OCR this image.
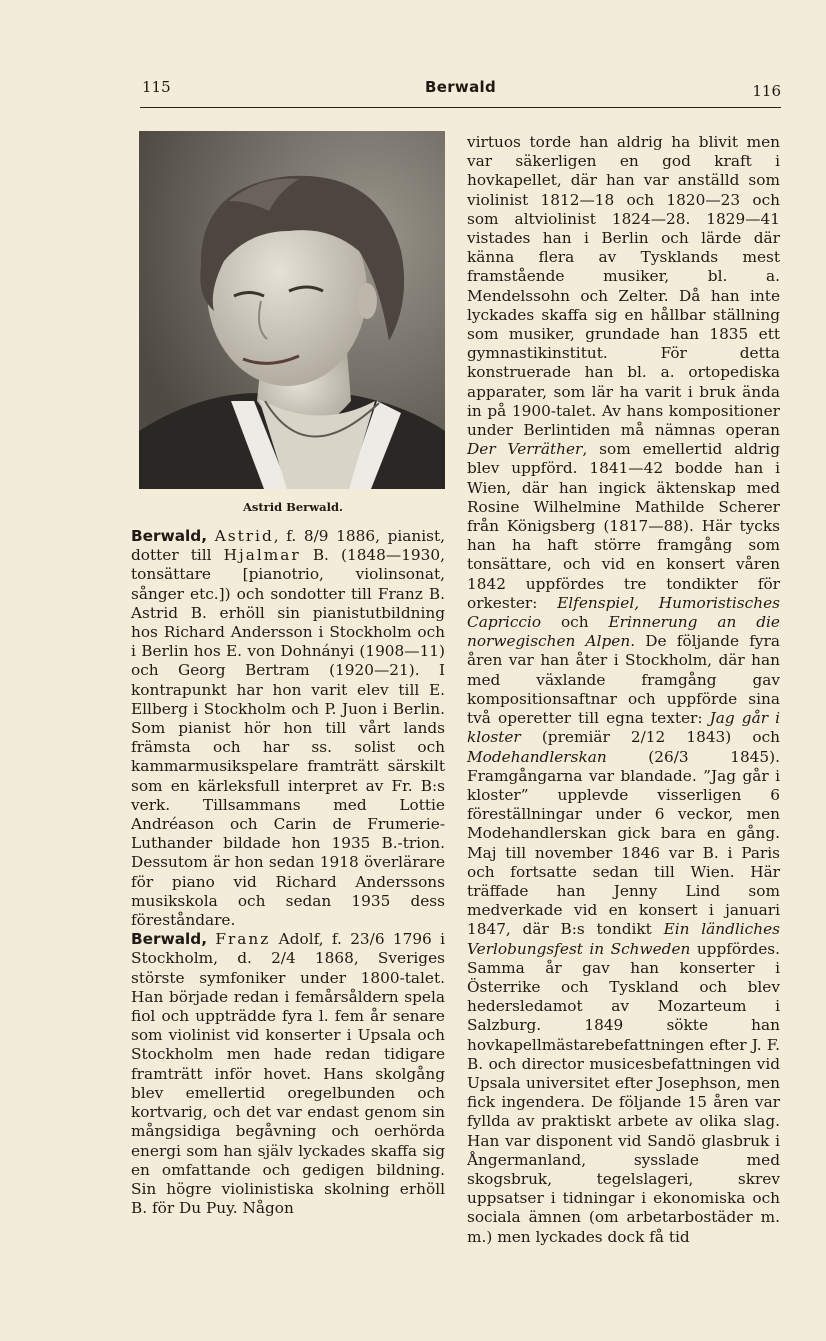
115	Berwald	116
Astrid Berwald.

Berwald, Astrid, f. 8/9 1886, pianist, dotter till Hjalmar B. (1848—1930, tonsättare [pianotrio, violinsonat, sånger etc.]) och sondotter till Franz B. Astrid B. erhöll sin pianistutbildning hos Richard Andersson i Stockholm och i Berlin hos E. von Dohnányi (1908—11) och Georg Bertram (1920—21). I kontrapunkt har hon varit elev till E. Ellberg i Stockholm och P. Juon i Berlin. Som pianist hör hon till vårt lands främsta och har ss. solist och kammarmusikspelare framträtt särskilt som en kärleksfull interpret av Fr. B:s verk. Tillsammans med Lottie Andréason och Carin de Frumerie-Luthander bildade hon 1935 B.-trion. Dessutom är hon sedan 1918 överlärare för piano vid Richard Anderssons musikskola och sedan 1935 dess föreståndare.

Berwald, Franz Adolf, f. 23/6 1796 i Stockholm, d. 2/4 1868, Sveriges störste symfoniker under 1800-talet. Han började redan i femårsåldern spela fiol och uppträdde fyra l. fem år senare som violinist vid konserter i Upsala och Stockholm men hade redan tidigare framträtt inför hovet. Hans skolgång blev emellertid oregelbunden och kortvarig, och det var endast genom sin mångsidiga begåvning och oerhörda energi som han själv lyckades skaffa sig en omfattande och gedigen bildning. Sin högre violinistiska skolning erhöll B. för Du Puy. Någon

virtuos torde han aldrig ha blivit men var säkerligen en god kraft i hovkapellet, där han var anställd som violinist 1812—18 och 1820—23 och som altviolinist 1824—28. 1829—41 vistades han i Berlin och lärde där känna flera av Tysklands mest framstående musiker, bl. a. Mendelssohn och Zelter. Då han inte lyckades skaffa sig en hållbar ställning som musiker, grundade han 1835 ett gymnastikinstitut. För detta konstruerade han bl. a. ortopediska apparater, som lär ha varit i bruk ända in på 1900-talet. Av hans kompositioner under Berlintiden må nämnas operan Der Verräther, som emellertid aldrig blev uppförd. 1841—42 bodde han i Wien, där han ingick äktenskap med Rosine Wilhelmine Mathilde Scherer från Königsberg (1817—88). Här tycks han ha haft större framgång som tonsättare, och vid en konsert våren 1842 uppfördes tre tondikter för orkester: Elfenspiel, Humoristisches Capriccio och Erinnerung an die norwegischen Alpen. De följande fyra åren var han åter i Stockholm, där han med växlande framgång gav kompositionsaftnar och uppförde sina två operetter till egna texter: Jag går i kloster (premiär 2/12 1843) och Modehandlerskan	(26/3 1845). Framgångarna var blandade. ”Jag går i kloster” upplevde visserligen 6 föreställningar under 6 veckor, men Modehandlerskan gick bara en gång. Maj till november 1846 var B. i Paris och fortsatte sedan till Wien. Här träffade han Jenny Lind som medverkade vid en konsert i januari 1847, där B:s tondikt Ein ländliches Verlobungsfest in Schweden uppfördes. Samma år gav han konserter i Österrike och Tyskland och blev hedersledamot av Mozarteum i Salzburg. 1849 sökte han hovkapellmästarebefattningen efter J. F. B. och director musicesbefattningen vid Upsala universitet efter Josephson, men fick ingendera. De följande 15 åren var fyllda av praktiskt arbete av olika slag. Han var disponent vid Sandö glasbruk i Ångermanland, sysslade med skogsbruk, tegelslageri, skrev uppsatser i tidningar i ekonomiska och sociala ämnen (om arbetarbostäder m. m.) men lyckades dock få tid
